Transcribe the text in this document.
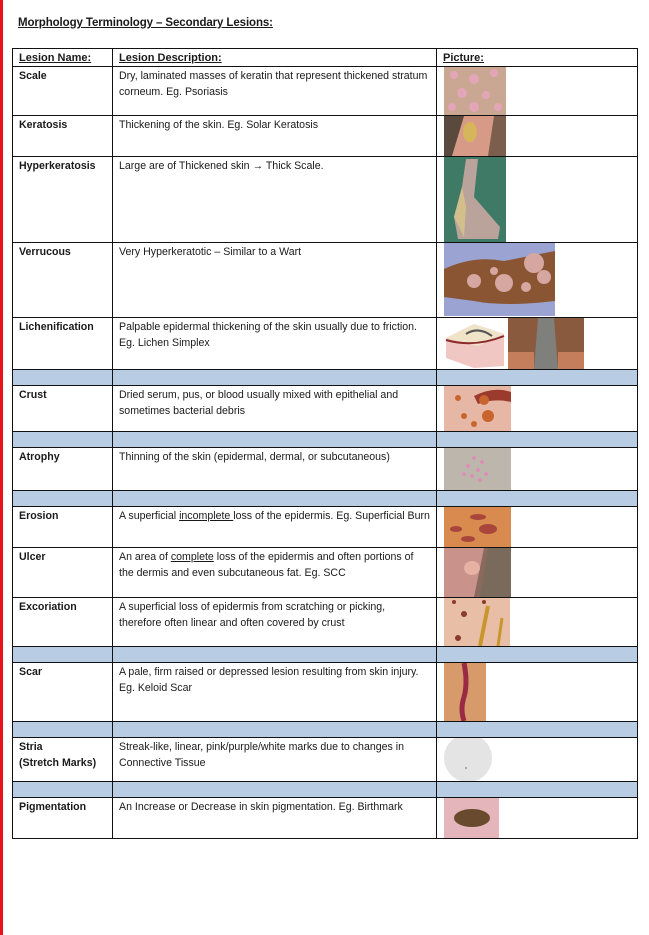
Morphology Terminology – Secondary Lesions:
Lesion Name:	Lesion Description:	Picture:
Scale	Dry, laminated masses of keratin that represent thickened stratum corneum. Eg. Psoriasis	
Keratosis	Thickening of the skin. Eg. Solar Keratosis	
Hyperkeratosis	Large are of Thickened skin → Thick Scale.	
Verrucous	Very Hyperkeratotic – Similar to a Wart	
Lichenification	Palpable epidermal thickening of the skin usually due to friction. Eg. Lichen Simplex	

Crust	Dried serum, pus, or blood usually mixed with epithelial and sometimes bacterial debris	

Atrophy	Thinning of the skin (epidermal, dermal, or subcutaneous)	

Erosion	A superficial incomplete loss of the epidermis. Eg. Superficial Burn	
Ulcer	An area of complete loss of the epidermis and often portions of the dermis and even subcutaneous fat. Eg. SCC	
Excoriation	A superficial loss of epidermis from scratching or picking, therefore often linear and often covered by crust	

Scar	A pale, firm raised or depressed lesion resulting from skin injury. Eg. Keloid Scar	

Stria
(Stretch Marks)	Streak-like, linear, pink/purple/white marks due to changes in Connective Tissue	

Pigmentation	An Increase or Decrease in skin pigmentation. Eg. Birthmark	
